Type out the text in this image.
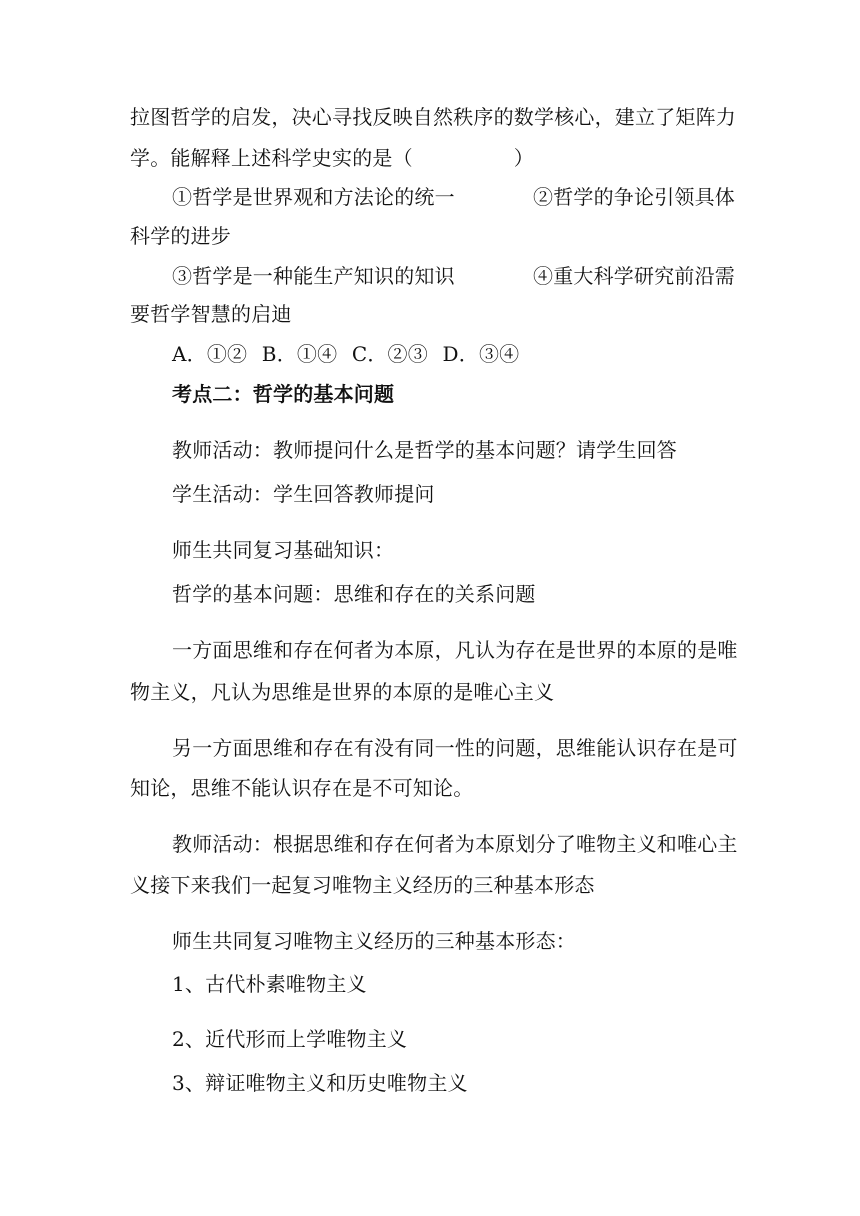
拉图哲学的启发，决心寻找反映自然秩序的数学核心，建立了矩阵力
学。能解释上述科学史实的是（　　　　　）
①哲学是世界观和方法论的统一	②哲学的争论引领具体
科学的进步
③哲学是一种能生产知识的知识	④重大科学研究前沿需
要哲学智慧的启迪
A．①② B．①④ C．②③ D．③④
考点二：哲学的基本问题
教师活动：教师提问什么是哲学的基本问题？请学生回答
学生活动：学生回答教师提问
师生共同复习基础知识：
哲学的基本问题：思维和存在的关系问题
一方面思维和存在何者为本原，凡认为存在是世界的本原的是唯
物主义，凡认为思维是世界的本原的是唯心主义
另一方面思维和存在有没有同一性的问题，思维能认识存在是可
知论，思维不能认识存在是不可知论。
教师活动：根据思维和存在何者为本原划分了唯物主义和唯心主
义接下来我们一起复习唯物主义经历的三种基本形态
师生共同复习唯物主义经历的三种基本形态：
1、古代朴素唯物主义
2、近代形而上学唯物主义
3、辩证唯物主义和历史唯物主义
